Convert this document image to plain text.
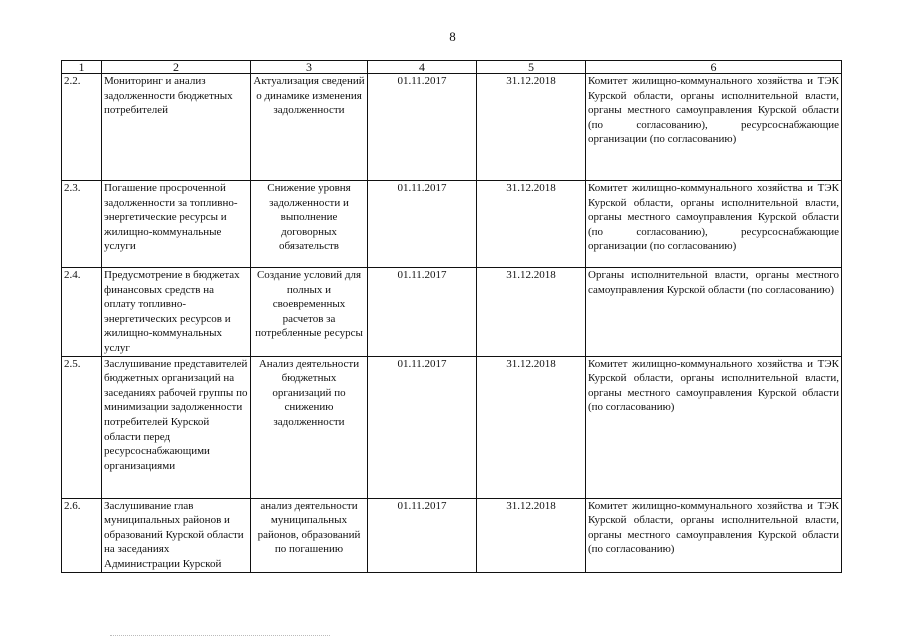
8
1	2	3	4	5	6
2.2.	Мониторинг и анализ задолженности бюджетных потребителей	Актуализация сведений о динамике изменения задолженности	01.11.2017	31.12.2018	Комитет жилищно-коммунального хозяйства и ТЭК Курской области, органы исполнительной власти, органы местного самоуправления Курской области (по согласованию), ресурсоснабжающие организации (по согласованию)
2.3.	Погашение просроченной задолженности за топливно-энергетические ресурсы и жилищно-коммунальные услуги	Снижение уровня задолженности и выполнение договорных обязательств	01.11.2017	31.12.2018	Комитет жилищно-коммунального хозяйства и ТЭК Курской области, органы исполнительной власти, органы местного самоуправления Курской области (по согласованию), ресурсоснабжающие организации (по согласованию)
2.4.	Предусмотрение в бюджетах финансовых средств на оплату топливно-энергетических ресурсов и жилищно-коммунальных услуг	Создание условий для полных и своевременных расчетов за потребленные ресурсы	01.11.2017	31.12.2018	Органы исполнительной власти, органы местного самоуправления Курской области (по согласованию)
2.5.	Заслушивание представителей бюджетных организаций на заседаниях рабочей группы по минимизации задолженности потребителей Курской области перед ресурсоснабжающими организациями	Анализ деятельности бюджетных организаций по снижению задолженности	01.11.2017	31.12.2018	Комитет жилищно-коммунального хозяйства и ТЭК Курской области, органы исполнительной власти, органы местного самоуправления Курской области (по согласованию)
2.6.	Заслушивание глав муниципальных районов и образований Курской области на заседаниях Администрации Курской	анализ деятельности муниципальных районов, образований по погашению	01.11.2017	31.12.2018	Комитет жилищно-коммунального хозяйства и ТЭК Курской области, органы исполнительной власти, органы местного самоуправления Курской области (по согласованию)
